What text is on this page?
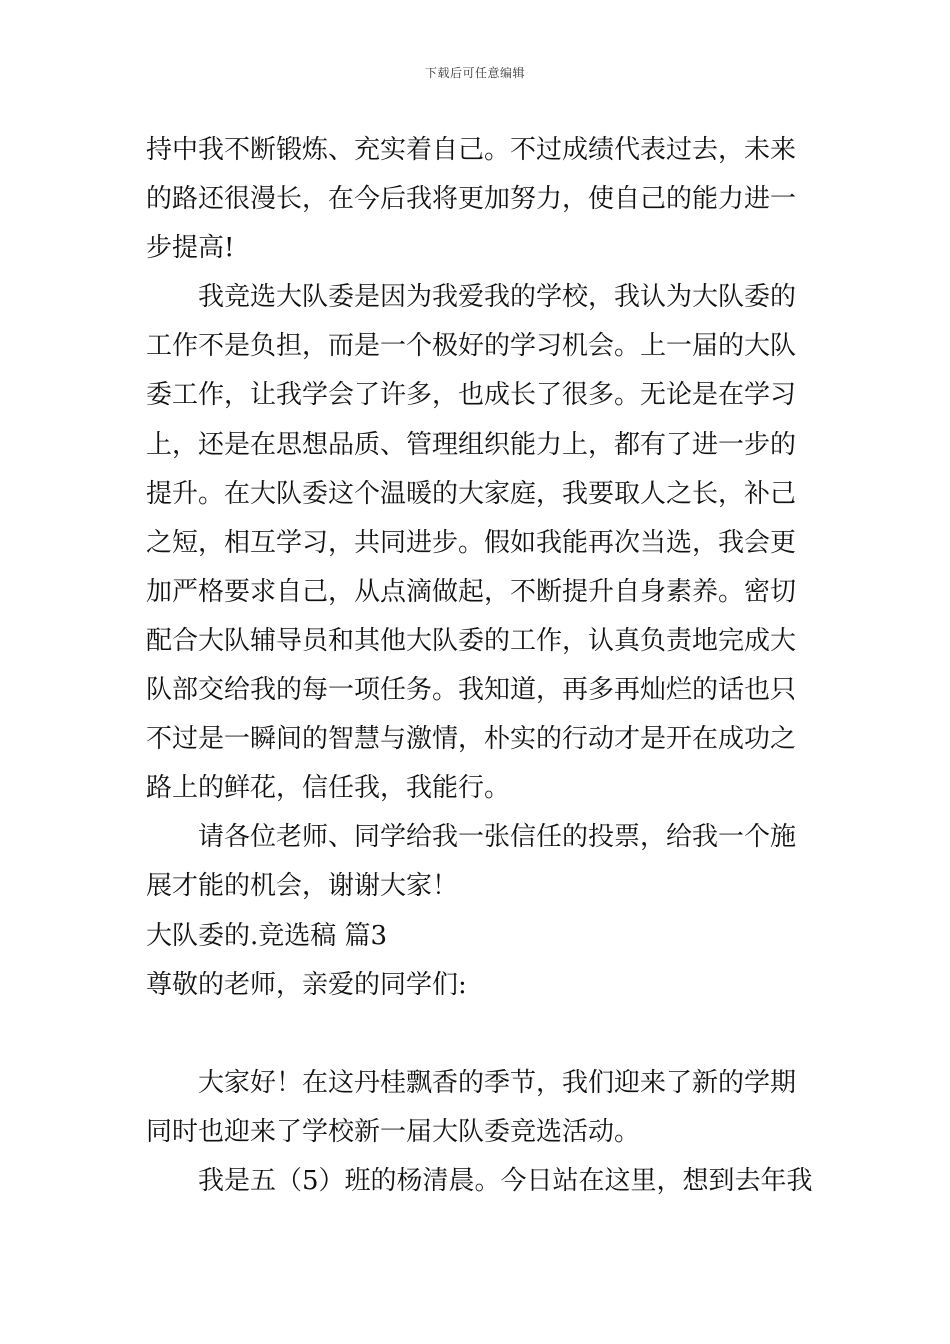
下载后可任意编辑
持中我不断锻炼、充实着自己。不过成绩代表过去，未来
的路还很漫长，在今后我将更加努力，使自己的能力进一
步提高!
我竞选大队委是因为我爱我的学校，我认为大队委的
工作不是负担，而是一个极好的学习机会。上一届的大队
委工作，让我学会了许多，也成长了很多。无论是在学习
上，还是在思想品质、管理组织能力上，都有了进一步的
提升。在大队委这个温暖的大家庭，我要取人之长，补己
之短，相互学习，共同进步。假如我能再次当选，我会更
加严格要求自己，从点滴做起，不断提升自身素养。密切
配合大队辅导员和其他大队委的工作，认真负责地完成大
队部交给我的每一项任务。我知道，再多再灿烂的话也只
不过是一瞬间的智慧与激情，朴实的行动才是开在成功之
路上的鲜花，信任我，我能行。
请各位老师、同学给我一张信任的投票，给我一个施
展才能的机会，谢谢大家！
大队委的.竞选稿 篇3
尊敬的老师，亲爱的同学们:
大家好！在这丹桂飘香的季节，我们迎来了新的学期
同时也迎来了学校新一届大队委竞选活动。
我是五（5）班的杨清晨。今日站在这里，想到去年我
